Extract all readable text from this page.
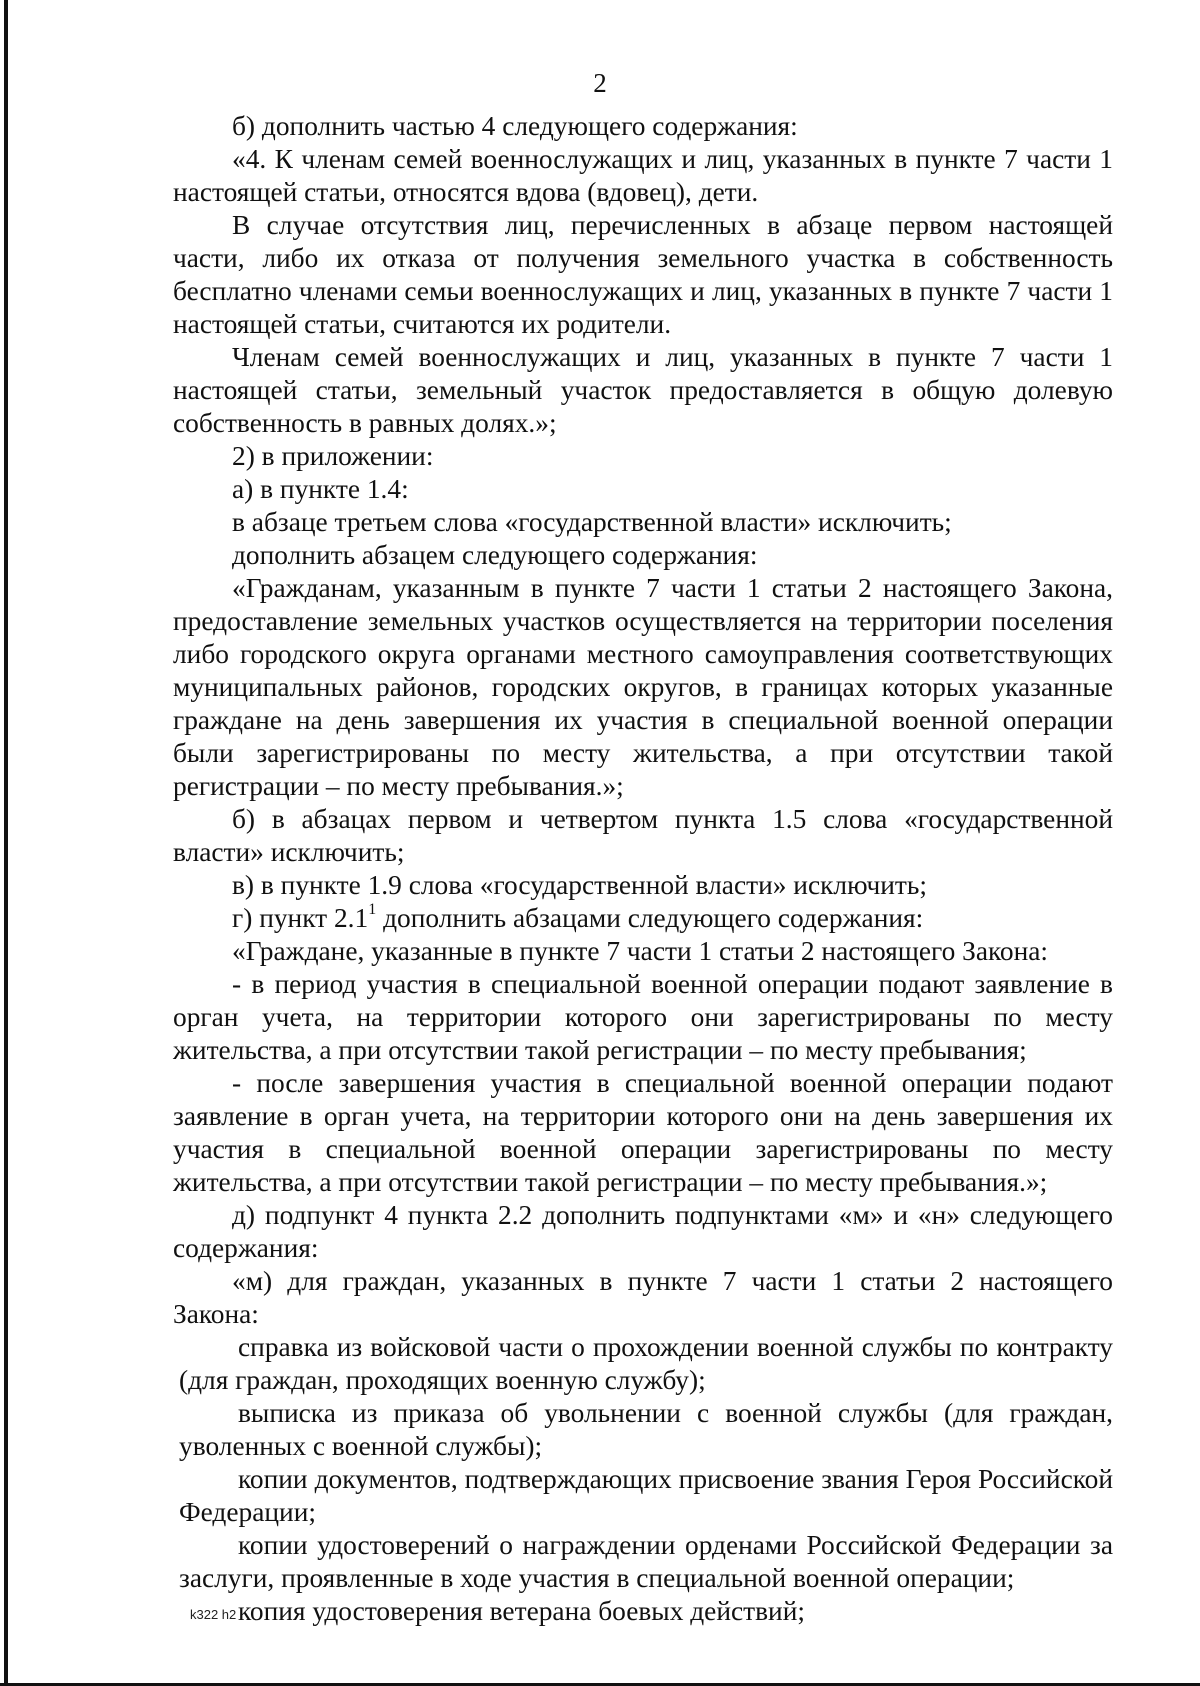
2

б) дополнить частью 4 следующего содержания:

«4. К членам семей военнослужащих и лиц, указанных в пункте 7 части 1 настоящей статьи, относятся вдова (вдовец), дети.

В случае отсутствия лиц, перечисленных в абзаце первом настоящей части, либо их отказа от получения земельного участка в собственность бесплатно членами семьи военнослужащих и лиц, указанных в пункте 7 части 1 настоящей статьи, считаются их родители.

Членам семей военнослужащих и лиц, указанных в пункте 7 части 1 настоящей статьи, земельный участок предоставляется в общую долевую собственность в равных долях.»;

2) в приложении:

а) в пункте 1.4:

в абзаце третьем слова «государственной власти» исключить;

дополнить абзацем следующего содержания:

«Гражданам, указанным в пункте 7 части 1 статьи 2 настоящего Закона, предоставление земельных участков осуществляется на территории поселения либо городского округа органами местного самоуправления соответствующих муниципальных районов, городских округов, в границах которых указанные граждане на день завершения их участия в специальной военной операции были зарегистрированы по месту жительства, а при отсутствии такой регистрации – по месту пребывания.»;

б) в абзацах первом и четвертом пункта 1.5 слова «государственной власти» исключить;

в) в пункте 1.9 слова «государственной власти» исключить;

г) пункт $2.1^1$ дополнить абзацами следующего содержания:

«Граждане, указанные в пункте 7 части 1 статьи 2 настоящего Закона:

- в период участия в специальной военной операции подают заявление в орган учета, на территории которого они зарегистрированы по месту жительства, а при отсутствии такой регистрации – по месту пребывания;

- после завершения участия в специальной военной операции подают заявление в орган учета, на территории которого они на день завершения их участия в специальной военной операции зарегистрированы по месту жительства, а при отсутствии такой регистрации – по месту пребывания.»;

д) подпункт 4 пункта 2.2 дополнить подпунктами «м» и «н» следующего содержания:

«м) для граждан, указанных в пункте 7 части 1 статьи 2 настоящего Закона:

справка из войсковой части о прохождении военной службы по контракту (для граждан, проходящих военную службу);

выписка из приказа об увольнении с военной службы (для граждан, уволенных с военной службы);

копии документов, подтверждающих присвоение звания Героя Российской Федерации;

копии удостоверений о награждении орденами Российской Федерации за заслуги, проявленные в ходе участия в специальной военной операции;

копия удостоверения ветерана боевых действий;

k322 h2
